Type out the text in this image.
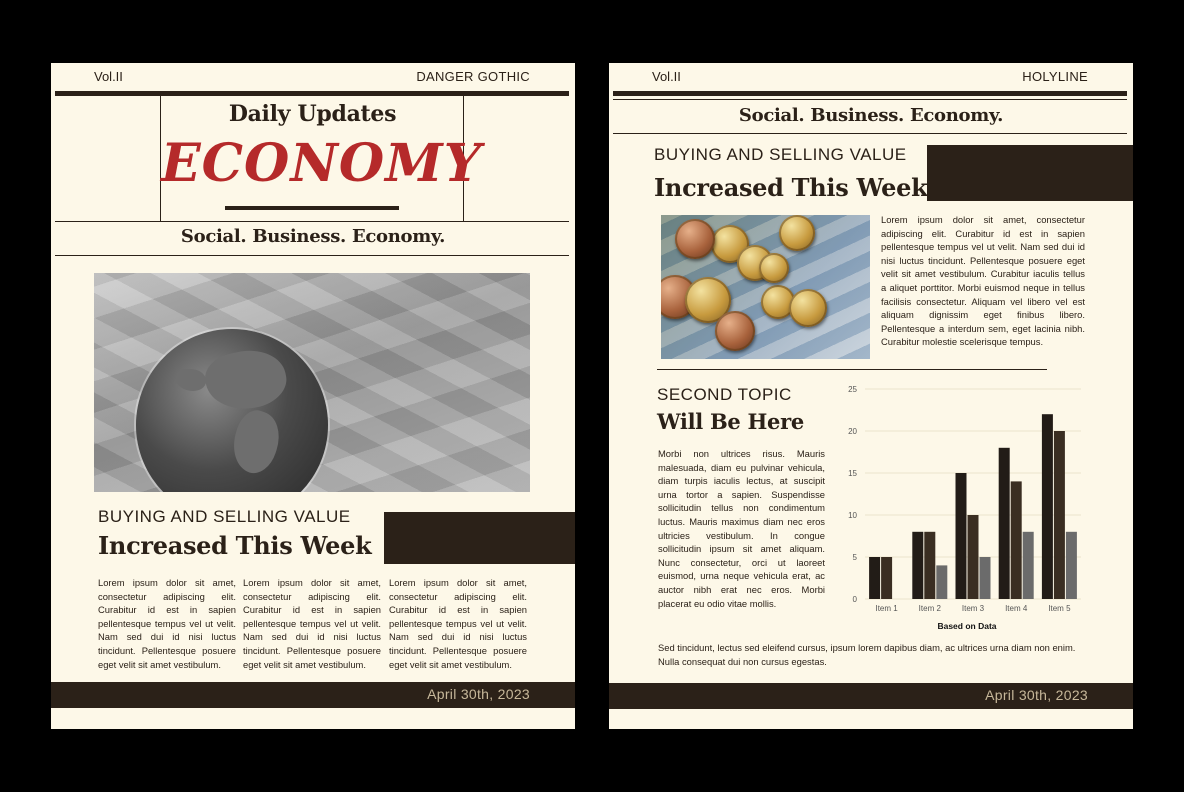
Vol.II	DANGER GOTHIC
Daily Updates
ECONOMY
Social. Business. Economy.
BUYING AND SELLING VALUE
Increased This Week
Lorem ipsum dolor sit amet, consectetur adipiscing elit. Curabitur id est in sapien pellentesque tempus vel ut velit. Nam sed dui id nisi luctus tincidunt. Pellentesque posuere eget velit sit amet vestibulum.
Lorem ipsum dolor sit amet, consectetur adipiscing elit. Curabitur id est in sapien pellentesque tempus vel ut velit. Nam sed dui id nisi luctus tincidunt. Pellentesque posuere eget velit sit amet vestibulum.
Lorem ipsum dolor sit amet, consectetur adipiscing elit. Curabitur id est in sapien pellentesque tempus vel ut velit. Nam sed dui id nisi luctus tincidunt. Pellentesque posuere eget velit sit amet vestibulum.
April 30th, 2023
Vol.II	HOLYLINE
Social. Business. Economy.
BUYING AND SELLING VALUE
Increased This Week
Lorem ipsum dolor sit amet, consectetur adipiscing elit. Curabitur id est in sapien pellentesque tempus vel ut velit. Nam sed dui id nisi luctus tincidunt. Pellentesque posuere eget velit sit amet vestibulum. Curabitur iaculis tellus a aliquet porttitor. Morbi euismod neque in tellus facilisis consectetur. Aliquam vel libero vel est aliquam dignissim eget finibus libero. Pellentesque a interdum sem, eget lacinia nibh. Curabitur molestie scelerisque tempus.
SECOND TOPIC
Will Be Here
Morbi non ultrices risus. Mauris malesuada, diam eu pulvinar vehicula, diam turpis iaculis lectus, at suscipit urna tortor a sapien. Suspendisse sollicitudin tellus non condimentum luctus. Mauris maximus diam nec eros ultricies vestibulum. In congue sollicitudin ipsum sit amet aliquam. Nunc consectetur, orci ut laoreet euismod, urna neque vehicula erat, ac auctor nibh erat nec eros. Morbi placerat eu odio vitae mollis.	0
5
10
15
20
25
Item 1	Item 2	Item 3	Item 4	Item 5
Based on Data
Sed tincidunt, lectus sed eleifend cursus, ipsum lorem dapibus diam, ac ultrices urna diam non enim. Nulla consequat dui non cursus egestas.
April 30th, 2023
